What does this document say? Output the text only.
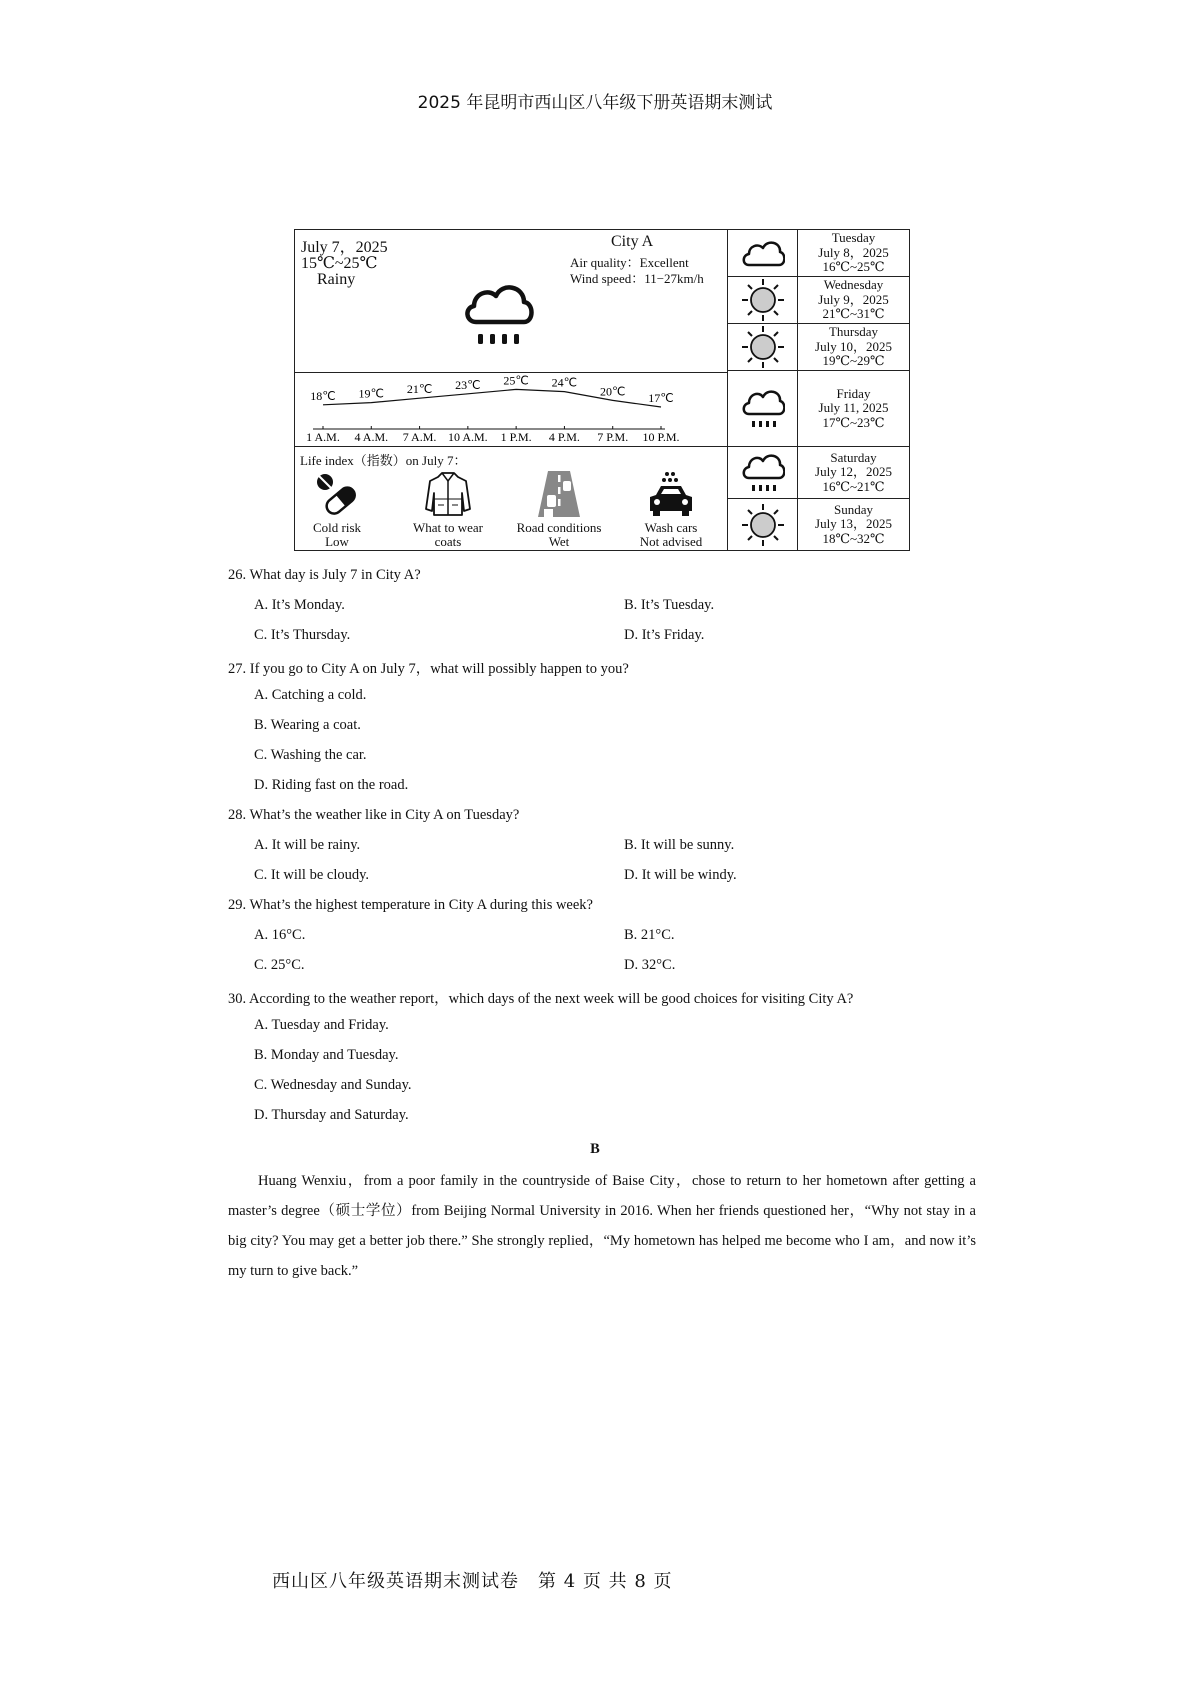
2025 年昆明市西山区八年级下册英语期末测试
July 7，2025
15℃~25℃
Rainy
City A
Air quality：Excellent
Wind speed：11−27km/h
18℃
1 A.M.
19℃
4 A.M.
21℃
7 A.M.
23℃
10 A.M.
25℃
1 P.M.
24℃
4 P.M.
20℃
7 P.M.
17℃
10 P.M.
Life index（指数）on July 7：
Cold risk
Low
What to wear
coats
Road conditions
Wet
Wash cars
Not advised
Tuesday
July 8，2025
16℃~25℃
Wednesday
July 9，2025
21℃~31℃
Thursday
July 10，2025
19℃~29℃
Friday
July 11, 2025
17℃~23℃
Saturday
July 12，2025
16℃~21℃
Sunday
July 13，2025
18℃~32℃
26. What day is July 7 in City A?
A. It’s Monday.	B. It’s Tuesday.
C. It’s Thursday.	D. It’s Friday.
27. If you go to City A on July 7，what will possibly happen to you?
A. Catching a cold.
B. Wearing a coat.
C. Washing the car.
D. Riding fast on the road.
28. What’s the weather like in City A on Tuesday?
A. It will be rainy.	B. It will be sunny.
C. It will be cloudy.	D. It will be windy.
29. What’s the highest temperature in City A during this week?
A. 16°C.	B. 21°C.
C. 25°C.	D. 32°C.
30. According to the weather report，which days of the next week will be good choices for visiting City A?
A. Tuesday and Friday.
B. Monday and Tuesday.
C. Wednesday and Sunday.
D. Thursday and Saturday.
B
Huang Wenxiu，from a poor family in the countryside of Baise City，chose to return to her hometown after getting a master’s degree（硕士学位）from Beijing Normal University in 2016. When her friends questioned her，“Why not stay in a big city? You may get a better job there.” She strongly replied，“My hometown has helped me become who I am，and now it’s my turn to give back.”
西山区八年级英语期末测试卷　第 4 页 共 8 页
